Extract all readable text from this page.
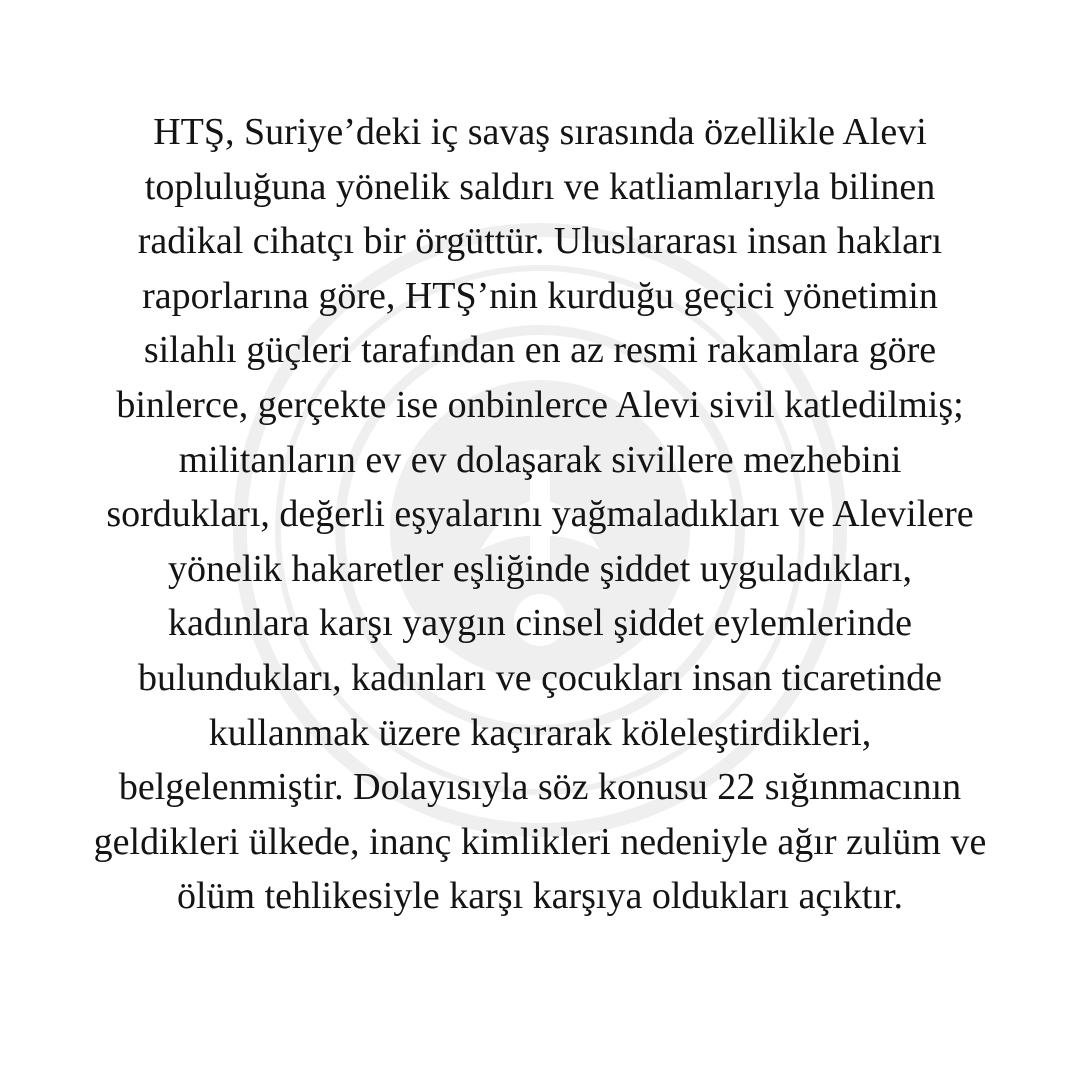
HTŞ, Suriye’deki iç savaş sırasında özellikle Alevi
topluluğuna yönelik saldırı ve katliamlarıyla bilinen
radikal cihatçı bir örgüttür. Uluslararası insan hakları
raporlarına göre, HTŞ’nin kurduğu geçici yönetimin
silahlı güçleri tarafından en az resmi rakamlara göre
binlerce, gerçekte ise onbinlerce Alevi sivil katledilmiş;
militanların ev ev dolaşarak sivillere mezhebini
sordukları, değerli eşyalarını yağmaladıkları ve Alevilere
yönelik hakaretler eşliğinde şiddet uyguladıkları,
kadınlara karşı yaygın cinsel şiddet eylemlerinde
bulundukları, kadınları ve çocukları insan ticaretinde
kullanmak üzere kaçırarak köleleştirdikleri,
belgelenmiştir. Dolayısıyla söz konusu 22 sığınmacının
geldikleri ülkede, inanç kimlikleri nedeniyle ağır zulüm ve
ölüm tehlikesiyle karşı karşıya oldukları açıktır.
